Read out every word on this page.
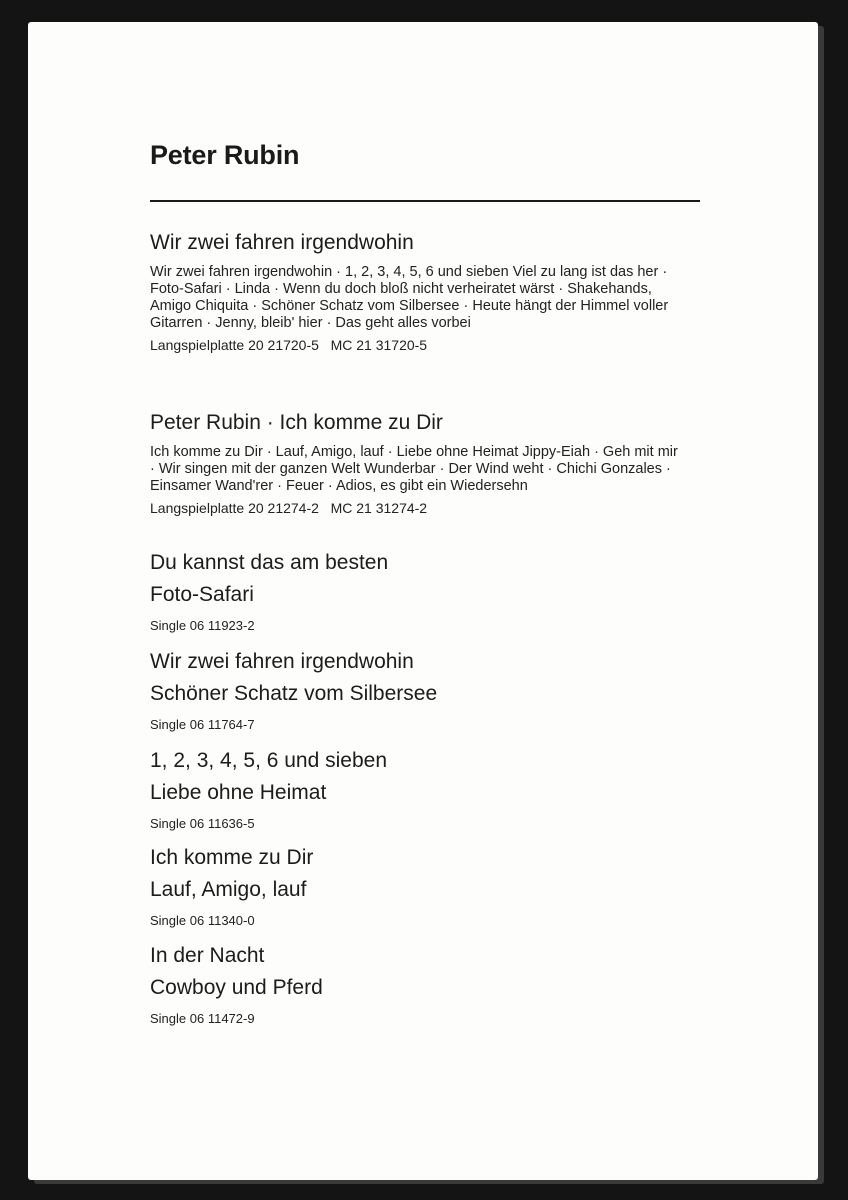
Peter Rubin
Wir zwei fahren irgendwohin
Wir zwei fahren irgendwohin · 1, 2, 3, 4, 5, 6 und sieben Viel zu lang ist das her · Foto-Safari · Linda · Wenn du doch bloß nicht verheiratet wärst · Shakehands, Amigo Chiquita · Schöner Schatz vom Silbersee · Heute hängt der Himmel voller Gitarren · Jenny, bleib' hier · Das geht alles vorbei
Langspielplatte 20 21720-5   MC 21 31720-5
Peter Rubin · Ich komme zu Dir
Ich komme zu Dir · Lauf, Amigo, lauf · Liebe ohne Heimat Jippy-Eiah · Geh mit mir · Wir singen mit der ganzen Welt Wunderbar · Der Wind weht · Chichi Gonzales · Einsamer Wand'rer · Feuer · Adios, es gibt ein Wiedersehn
Langspielplatte 20 21274-2   MC 21 31274-2
Du kannst das am besten
Foto-Safari
Single 06 11923-2
Wir zwei fahren irgendwohin
Schöner Schatz vom Silbersee
Single 06 11764-7
1, 2, 3, 4, 5, 6 und sieben
Liebe ohne Heimat
Single 06 11636-5
Ich komme zu Dir
Lauf, Amigo, lauf
Single 06 11340-0
In der Nacht
Cowboy und Pferd
Single 06 11472-9
